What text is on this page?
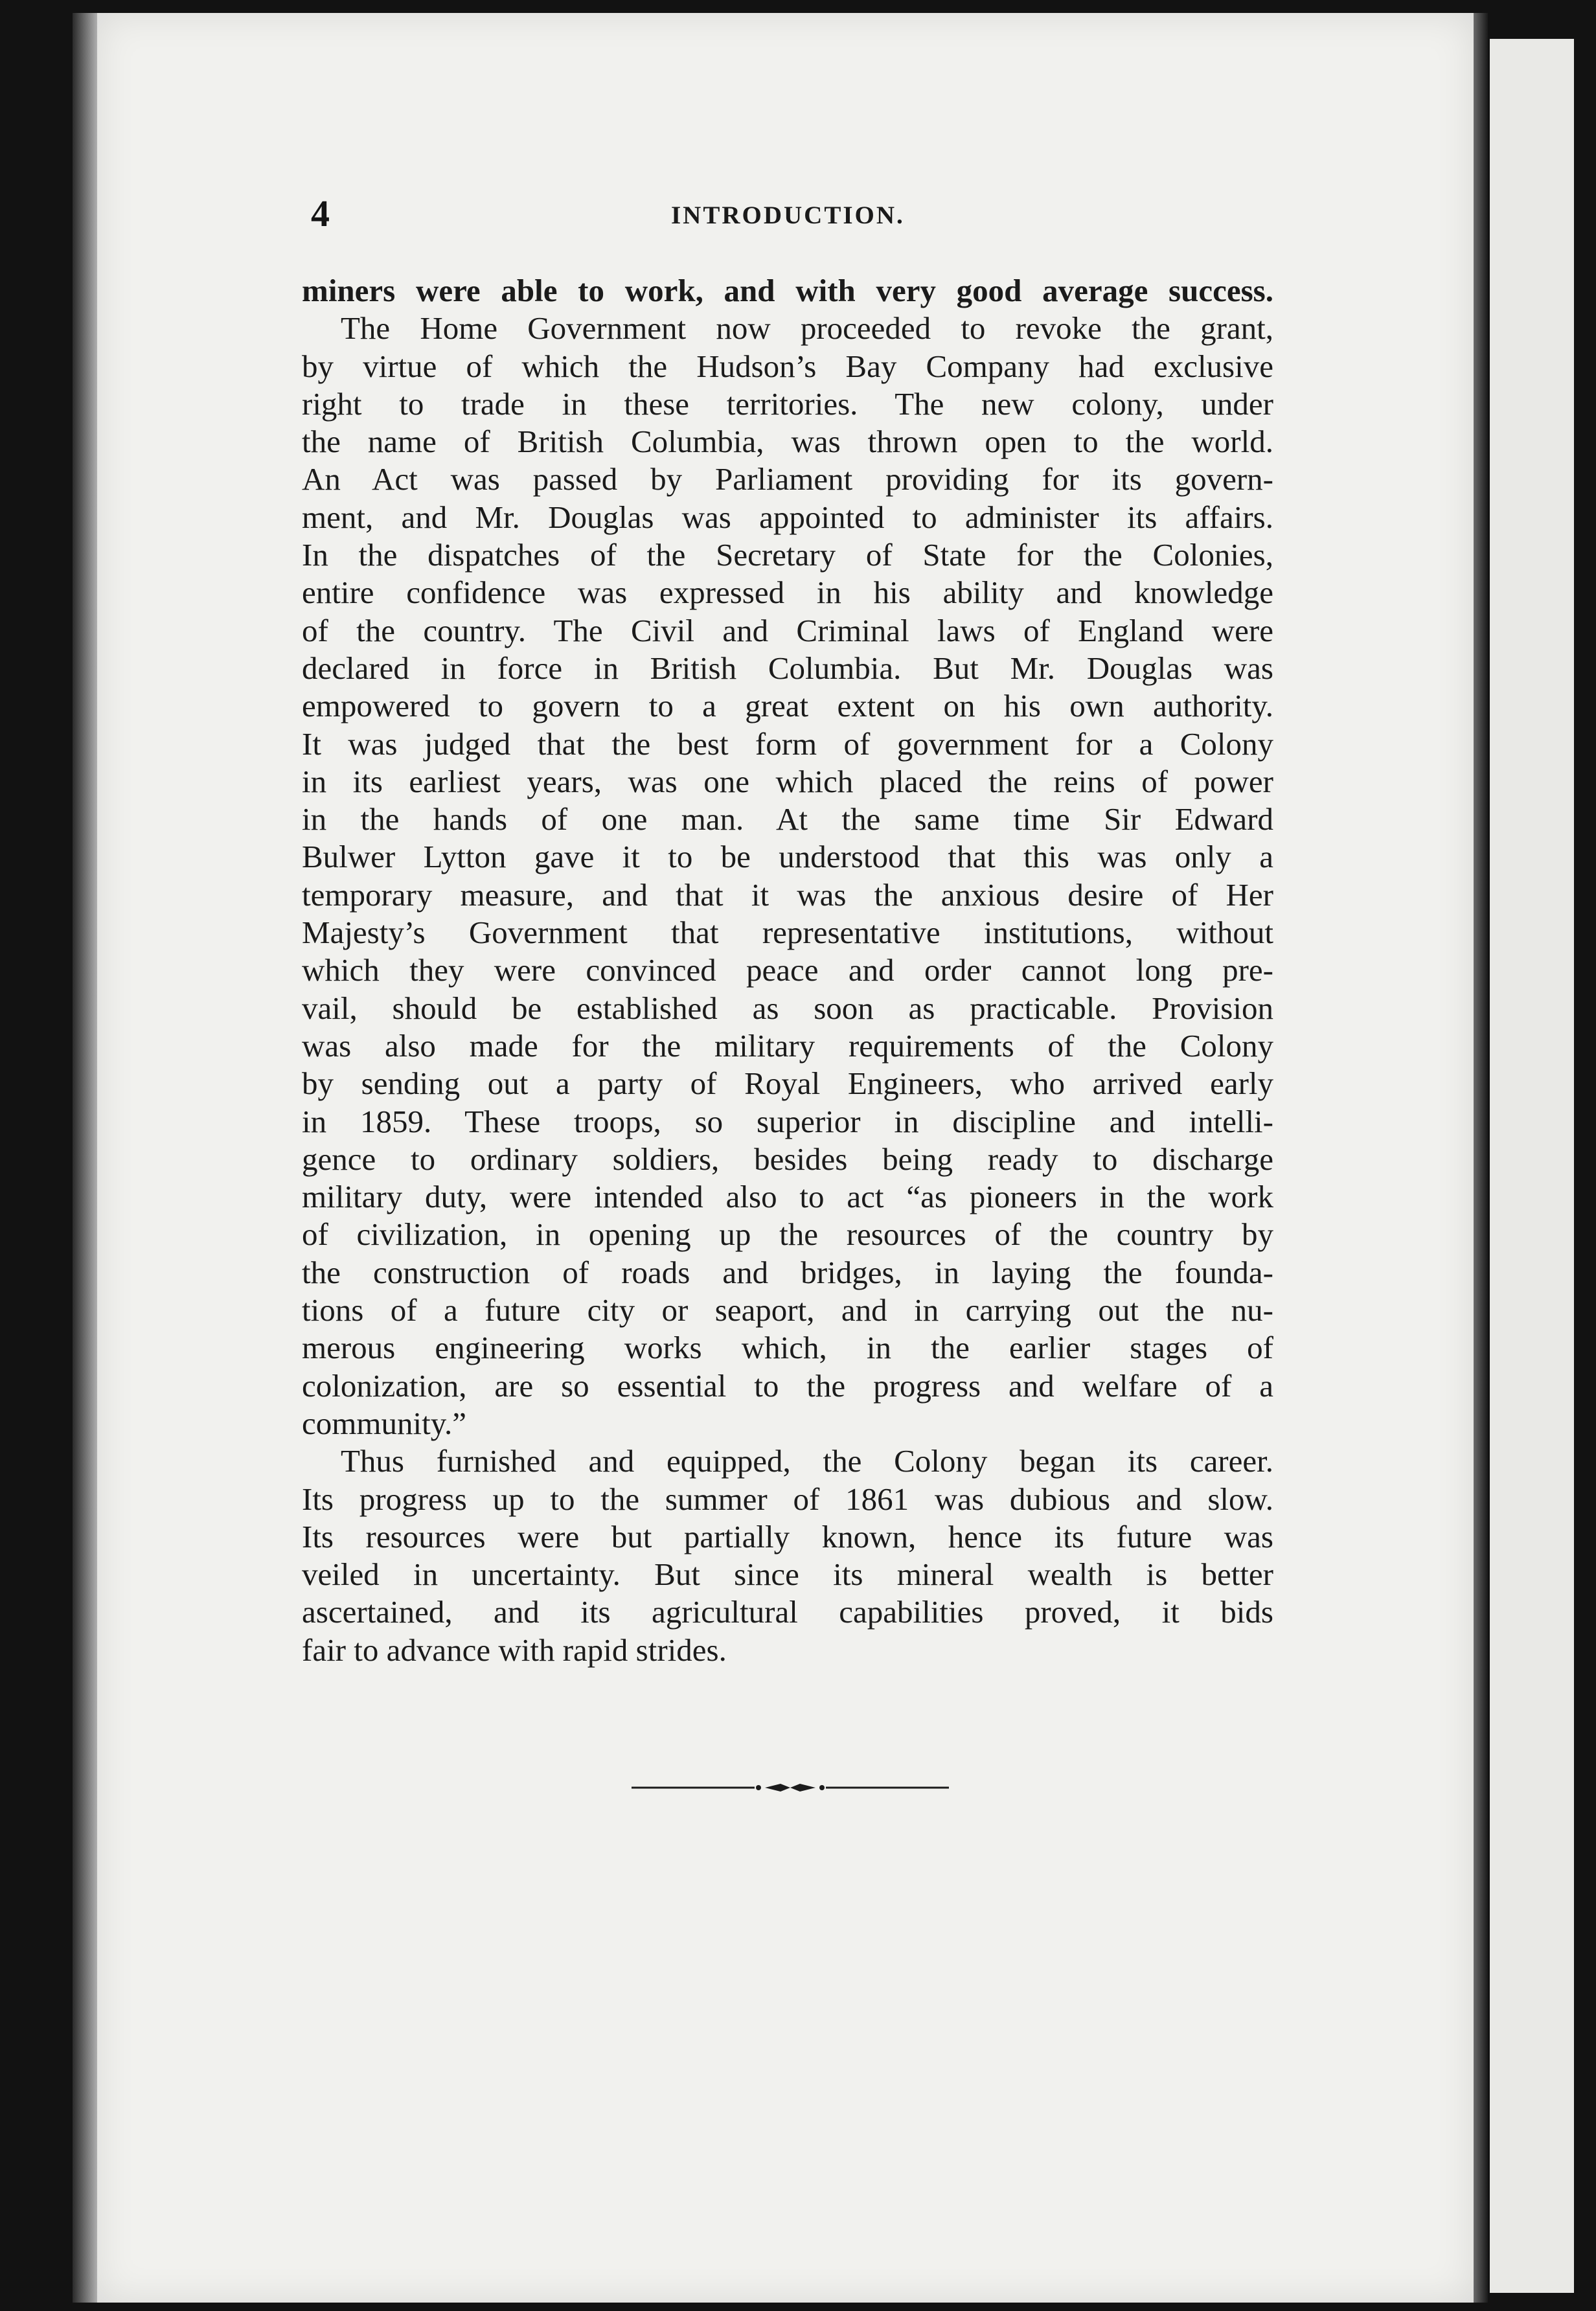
4	INTRODUCTION.
miners were able to work, and with very good average success.
The Home Government now proceeded to revoke the grant,
by virtue of which the Hudson’s Bay Company had exclusive
right to trade in these territories. The new colony, under
the name of British Columbia, was thrown open to the world.
An Act was passed by Parliament providing for its govern-
ment, and Mr. Douglas was appointed to administer its affairs.
In the dispatches of the Secretary of State for the Colonies,
entire confidence was expressed in his ability and knowledge
of the country. The Civil and Criminal laws of England were
declared in force in British Columbia. But Mr. Douglas was
empowered to govern to a great extent on his own authority.
It was judged that the best form of government for a Colony
in its earliest years, was one which placed the reins of power
in the hands of one man. At the same time Sir Edward
Bulwer Lytton gave it to be understood that this was only a
temporary measure, and that it was the anxious desire of Her
Majesty’s Government that representative institutions, without
which they were convinced peace and order cannot long pre-
vail, should be established as soon as practicable. Provision
was also made for the military requirements of the Colony
by sending out a party of Royal Engineers, who arrived early
in 1859. These troops, so superior in discipline and intelli-
gence to ordinary soldiers, besides being ready to discharge
military duty, were intended also to act “as pioneers in the work
of civilization, in opening up the resources of the country by
the construction of roads and bridges, in laying the founda-
tions of a future city or seaport, and in carrying out the nu-
merous engineering works which, in the earlier stages of
colonization, are so essential to the progress and welfare of a
community.”
Thus furnished and equipped, the Colony began its career.
Its progress up to the summer of 1861 was dubious and slow.
Its resources were but partially known, hence its future was
veiled in uncertainty. But since its mineral wealth is better
ascertained, and its agricultural capabilities proved, it bids
fair to advance with rapid strides.
